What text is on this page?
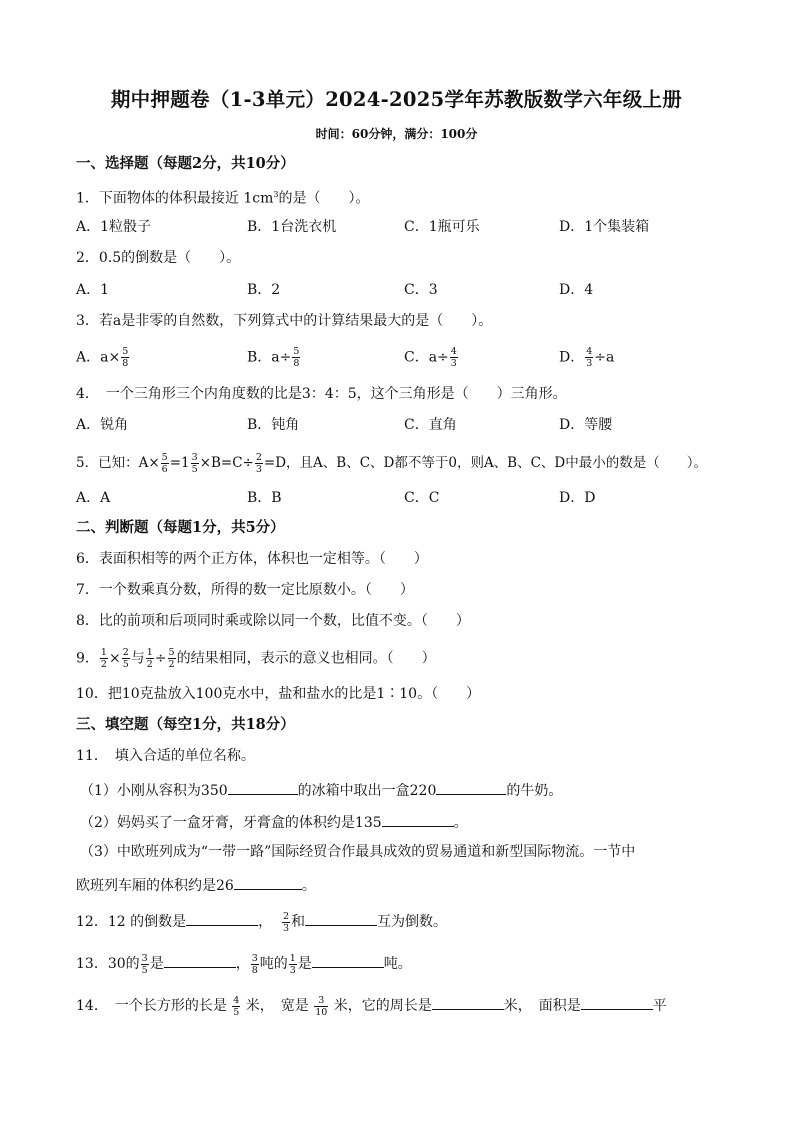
期中押题卷（1-3单元）2024-2025学年苏教版数学六年级上册
时间：60分钟，满分：100分
一、选择题（每题2分，共10分）
1．下面物体的体积最接近 $1cm^3$的是（　　）。
A．1粒骰子	B．1台洗衣机	C．1瓶可乐	D．1个集装箱
2．0.5的倒数是（　　）。
A．1	B．2	C．3	D．4
3．若a是非零的自然数，下列算式中的计算结果最大的是（　　）。
A．$a\times \frac{5}{8}$	B．$a\div \frac{5}{8}$	C．$a\div \frac{4}{3}$	D． $\frac{4}{3} \div a$
4．　一个三角形三个内角度数的比是3：4：5，这个三角形是（　　）三角形。
A．锐角	B．钝角	C．直角	D．等腰
5．已知：$A\times \frac{5}{6} =1 \frac{3}{5} \times B=C\div \frac{2}{3} =D$，且A、B、C、D都不等于0，则A、B、C、D中最小的数是（　　）。
A．A	B．B	C．C	D．D
二、判断题（每题1分，共5分）
6．表面积相等的两个正方体，体积也一定相等。（　　）
7．一个数乘真分数，所得的数一定比原数小。（　　）
8．比的前项和后项同时乘或除以同一个数，比值不变。（　　）
9． $\frac{1}{2} \times \frac{2}{5}$ 与 $\frac{1}{2} \div \frac{5}{2}$ 的结果相同，表示的意义也相同。（　　）
10．把10克盐放入100克水中，盐和盐水的比是1∶10。（　　）
三、填空题（每空1分，共18分）
11．　填入合适的单位名称。
（1）小刚从容积为350	的冰箱中取出一盒220	的牛奶。
（2）妈妈买了一盒牙膏，牙膏盒的体积约是135	。
（3）中欧班列成为“一带一路”国际经贸合作最具成效的贸易通道和新型国际物流。一节中
欧班列车厢的体积约是26	。
12．12 的倒数是	， $\frac{2}{3}$ 和	互为倒数。
13．30的 $\frac{3}{5}$ 是	， $\frac{3}{8}$ 吨的 $\frac{1}{3}$ 是	吨。
14．　一个长方形的长是 $\frac{4}{5}$ 米，　宽是 $\frac{3}{10}$ 米，它的周长是	米，　面积是	平
